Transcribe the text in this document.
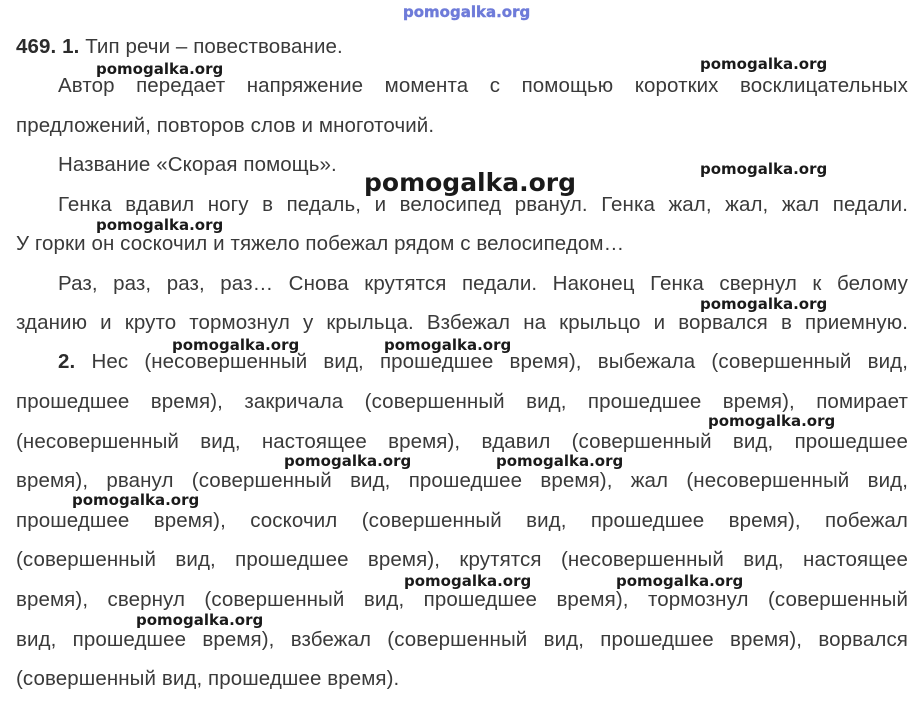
pomogalka.org
469. 1. Тип речи – повествование.
Автор передает напряжение момента с помощью коротких восклицательных
предложений, повторов слов и многоточий.
Название «Скорая помощь».
Генка вдавил ногу в педаль, и велосипед рванул. Генка жал, жал, жал педали.
У горки он соскочил и тяжело побежал рядом с велосипедом…
Раз, раз, раз, раз… Снова крутятся педали. Наконец Генка свернул к белому
зданию и круто тормознул у крыльца. Взбежал на крыльцо и ворвался в приемную.
2. Нес (несовершенный вид, прошедшее время), выбежала (совершенный вид,
прошедшее время), закричала (совершенный вид, прошедшее время), помирает
(несовершенный вид, настоящее время), вдавил (совершенный вид, прошедшее
время), рванул (совершенный вид, прошедшее время), жал (несовершенный вид,
прошедшее время), соскочил (совершенный вид, прошедшее время), побежал
(совершенный вид, прошедшее время), крутятся (несовершенный вид, настоящее
время), свернул (совершенный вид, прошедшее время), тормознул (совершенный
вид, прошедшее время), взбежал (совершенный вид, прошедшее время), ворвался
(совершенный вид, прошедшее время).
pomogalka.org	pomogalka.org
pomogalka.org
pomogalka.org
pomogalka.org
pomogalka.org
pomogalka.org	pomogalka.org
pomogalka.org
pomogalka.org	pomogalka.org
pomogalka.org
pomogalka.org	pomogalka.org
pomogalka.org
